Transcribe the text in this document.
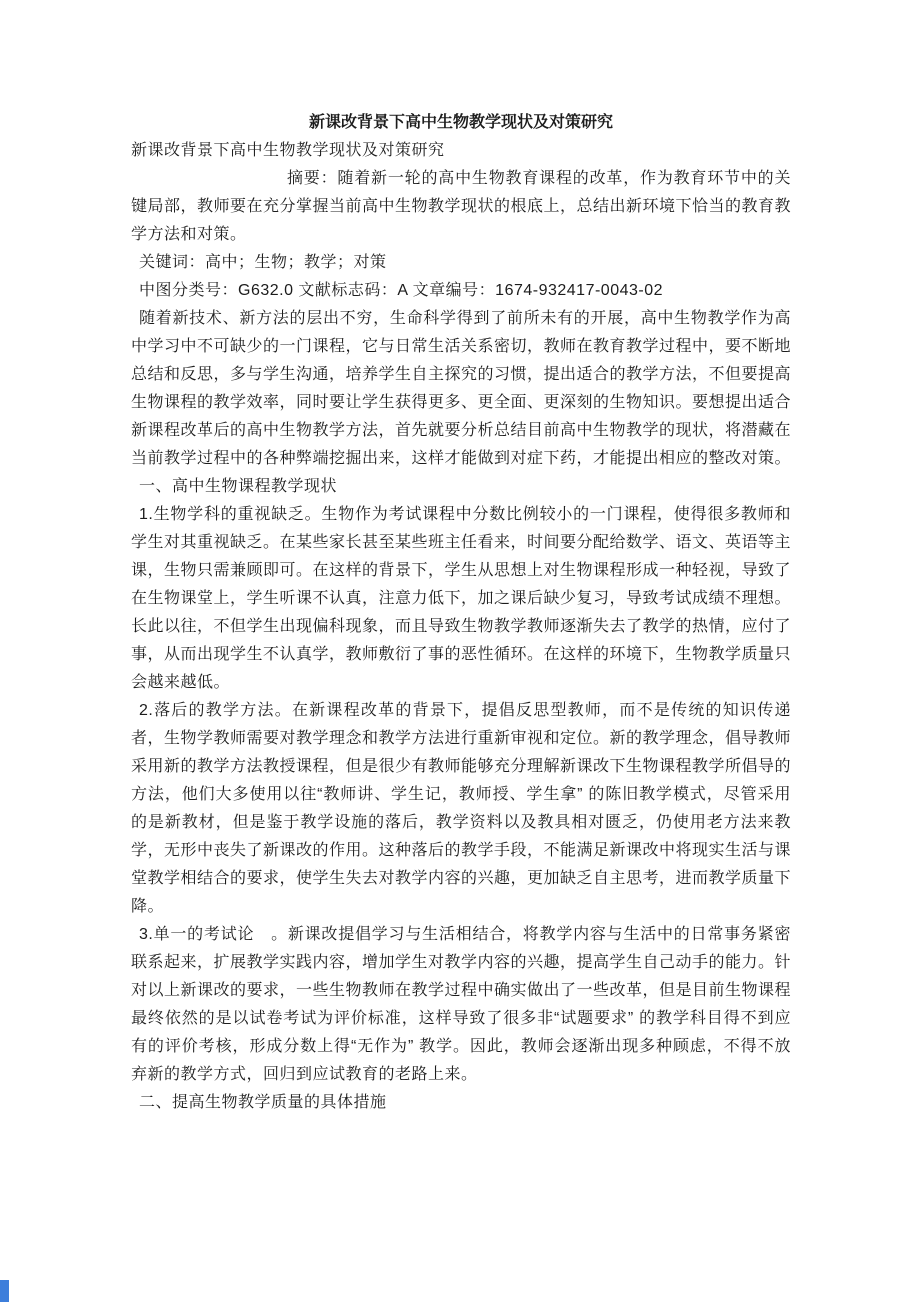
新课改背景下高中生物教学现状及对策研究

新课改背景下高中生物教学现状及对策研究

摘要：随着新一轮的高中生物教育课程的改革，作为教育环节中的关键局部，教师要在充分掌握当前高中生物教学现状的根底上，总结出新环境下恰当的教育教学方法和对策。

关键词：高中；生物；教学；对策

中图分类号：G632.0 文献标志码：A 文章编号：1674-932417-0043-02

随着新技术、新方法的层出不穷，生命科学得到了前所未有的开展，高中生物教学作为高中学习中不可缺少的一门课程，它与日常生活关系密切，教师在教育教学过程中，要不断地总结和反思，多与学生沟通，培养学生自主探究的习惯，提出适合的教学方法，不但要提高生物课程的教学效率，同时要让学生获得更多、更全面、更深刻的生物知识。要想提出适合新课程改革后的高中生物教学方法，首先就要分析总结目前高中生物教学的现状，将潜藏在当前教学过程中的各种弊端挖掘出来，这样才能做到对症下药，才能提出相应的整改对策。

一、高中生物课程教学现状

1.生物学科的重视缺乏。生物作为考试课程中分数比例较小的一门课程，使得很多教师和学生对其重视缺乏。在某些家长甚至某些班主任看来，时间要分配给数学、语文、英语等主课，生物只需兼顾即可。在这样的背景下，学生从思想上对生物课程形成一种轻视，导致了在生物课堂上，学生听课不认真，注意力低下，加之课后缺少复习，导致考试成绩不理想。长此以往，不但学生出现偏科现象，而且导致生物教学教师逐渐失去了教学的热情，应付了事，从而出现学生不认真学，教师敷衍了事的恶性循环。在这样的环境下，生物教学质量只会越来越低。

2.落后的教学方法。在新课程改革的背景下，提倡反思型教师，而不是传统的知识传递者，生物学教师需要对教学理念和教学方法进行重新审视和定位。新的教学理念，倡导教师采用新的教学方法教授课程，但是很少有教师能够充分理解新课改下生物课程教学所倡导的方法，他们大多使用以往“教师讲、学生记，教师授、学生拿” 的陈旧教学模式，尽管采用的是新教材，但是鉴于教学设施的落后，教学资料以及教具相对匮乏，仍使用老方法来教学，无形中丧失了新课改的作用。这种落后的教学手段，不能满足新课改中将现实生活与课堂教学相结合的要求，使学生失去对教学内容的兴趣，更加缺乏自主思考，进而教学质量下降。

3.单一的考试论　。新课改提倡学习与生活相结合，将教学内容与生活中的日常事务紧密联系起来，扩展教学实践内容，增加学生对教学内容的兴趣，提高学生自己动手的能力。针对以上新课改的要求，一些生物教师在教学过程中确实做出了一些改革，但是目前生物课程最终依然的是以试卷考试为评价标准，这样导致了很多非“试题要求” 的教学科目得不到应有的评价考核，形成分数上得“无作为” 教学。因此，教师会逐渐出现多种顾虑，不得不放弃新的教学方式，回归到应试教育的老路上来。

二、提高生物教学质量的具体措施
